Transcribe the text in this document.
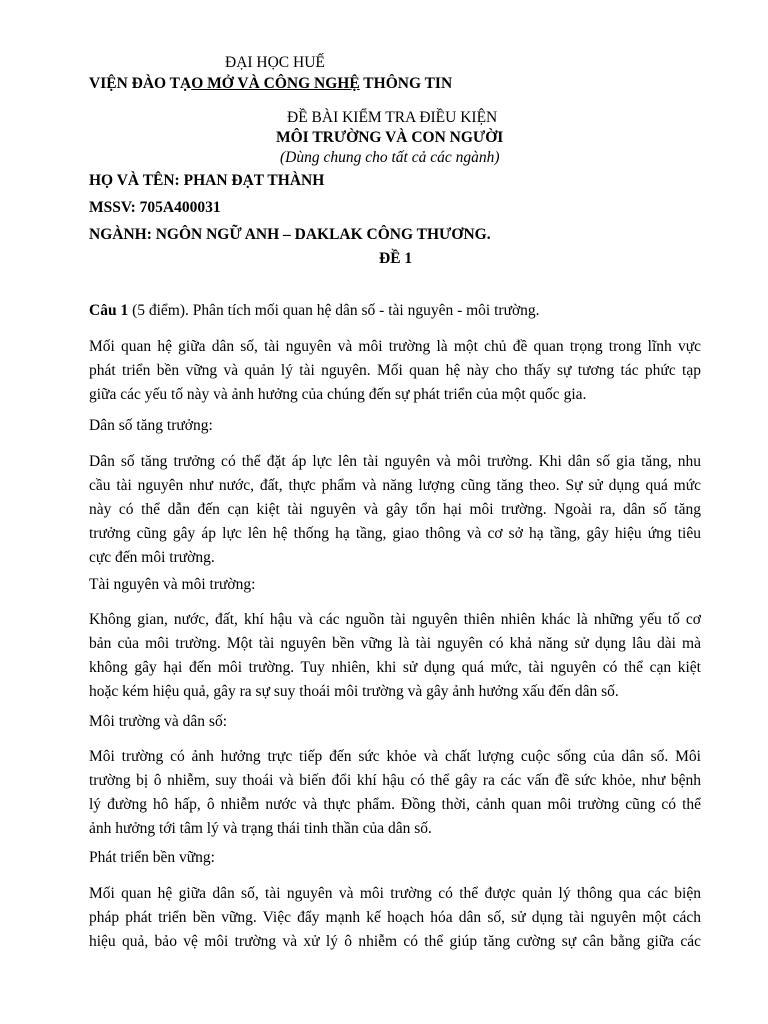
ĐẠI HỌC HUẾ
VIỆN ĐÀO TẠO MỞ VÀ CÔNG NGHỆ THÔNG TIN
ĐỀ BÀI KIỂM TRA ĐIỀU KIỆN
MÔI TRƯỜNG VÀ CON NGƯỜI
(Dùng chung cho tất cả các ngành)
HỌ VÀ TÊN: PHAN ĐẠT THÀNH
MSSV: 705A400031
NGÀNH: NGÔN NGỮ ANH – DAKLAK CÔNG THƯƠNG.
ĐỀ 1
Câu 1 (5 điểm). Phân tích mối quan hệ dân số - tài nguyên - môi trường.
Mối quan hệ giữa dân số, tài nguyên và môi trường là một chủ đề quan trọng trong lĩnh vực
phát triển bền vững và quản lý tài nguyên. Mối quan hệ này cho thấy sự tương tác phức tạp
giữa các yếu tố này và ảnh hưởng của chúng đến sự phát triển của một quốc gia.
Dân số tăng trưởng:
Dân số tăng trưởng có thể đặt áp lực lên tài nguyên và môi trường. Khi dân số gia tăng, nhu
cầu tài nguyên như nước, đất, thực phẩm và năng lượng cũng tăng theo. Sự sử dụng quá mức
này có thể dẫn đến cạn kiệt tài nguyên và gây tổn hại môi trường. Ngoài ra, dân số tăng
trưởng cũng gây áp lực lên hệ thống hạ tầng, giao thông và cơ sở hạ tầng, gây hiệu ứng tiêu
cực đến môi trường.
Tài nguyên và môi trường:
Không gian, nước, đất, khí hậu và các nguồn tài nguyên thiên nhiên khác là những yếu tố cơ
bản của môi trường. Một tài nguyên bền vững là tài nguyên có khả năng sử dụng lâu dài mà
không gây hại đến môi trường. Tuy nhiên, khi sử dụng quá mức, tài nguyên có thể cạn kiệt
hoặc kém hiệu quả, gây ra sự suy thoái môi trường và gây ảnh hưởng xấu đến dân số.
Môi trường và dân số:
Môi trường có ảnh hưởng trực tiếp đến sức khỏe và chất lượng cuộc sống của dân số. Môi
trường bị ô nhiễm, suy thoái và biến đổi khí hậu có thể gây ra các vấn đề sức khỏe, như bệnh
lý đường hô hấp, ô nhiễm nước và thực phẩm. Đồng thời, cảnh quan môi trường cũng có thể
ảnh hưởng tới tâm lý và trạng thái tinh thần của dân số.
Phát triển bền vững:
Mối quan hệ giữa dân số, tài nguyên và môi trường có thể được quản lý thông qua các biện
pháp phát triển bền vững. Việc đẩy mạnh kế hoạch hóa dân số, sử dụng tài nguyên một cách
hiệu quả, bảo vệ môi trường và xử lý ô nhiễm có thể giúp tăng cường sự cân bằng giữa các
